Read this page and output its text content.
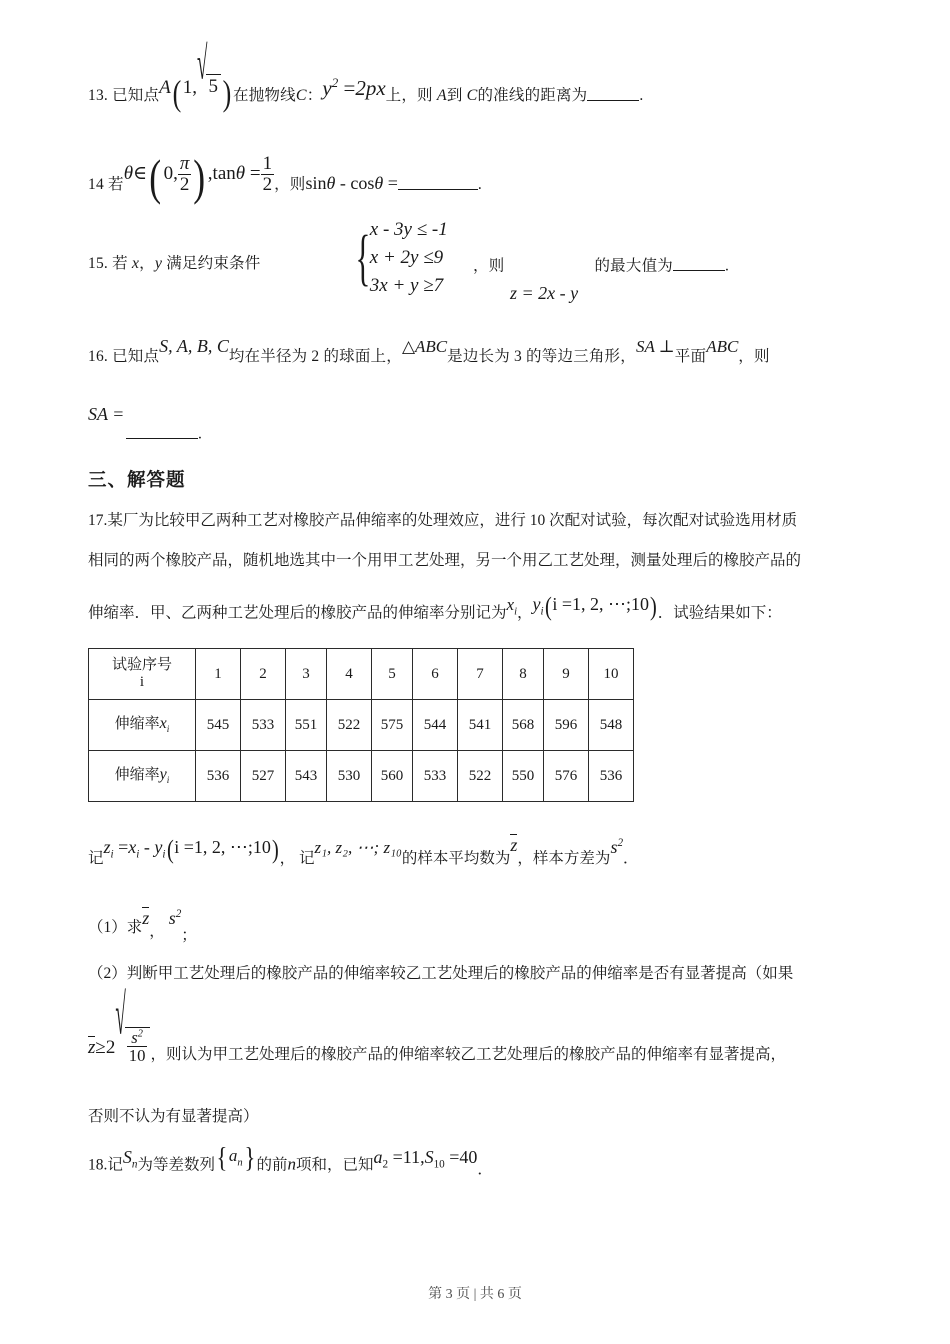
13. 已知点A(1,√5 ) 在抛物线C：$y^2 =2px$上，则 A到 C的准线的距离为	.
14 若θ∈( 0, $\frac{\pi}{2}$ ) $,\tan\theta = \frac{1}{2}$ ，则sinθ - cosθ =	.
15. 若 x，y 满足约束条件 { x - 3y ≤ -1
x + 2y ≤9
3x + y ≥7
，则	的最大值为	.
z = 2x - y
16. 已知点S, A, B, C均在半径为 2 的球面上，△ABC是边长为 3 的等边三角形，SA ⊥平面ABC，则
SA =
.
三、解答题
17.某厂为比较甲乙两种工艺对橡胶产品伸缩率的处理效应，进行 10 次配对试验，每次配对试验选用材质
相同的两个橡胶产品，随机地选其中一个用甲工艺处理，另一个用乙工艺处理，测量处理后的橡胶产品的
伸缩率．甲、乙两种工艺处理后的橡胶产品的伸缩率分别记为$x_i$，$y_i(i =1$, 2, ⋯;10)．试验结果如下：
试验序号
i	1	2	3	4	5	6	7	8	9	10
伸缩率$x_i$	545	533	551	522	575	544	541	568	596	548

伸缩率$y_i$	536	527	543	530	560	533	522	550	576	536
记$z_i =x_i - y_i(i =1$, 2, ⋯;10)， 记z₁, z₂, ⋯; z₁₀的样本平均数为z，样本方差为$s^2$．
（1）求z， $s^2$；
（2）判断甲工艺处理后的橡胶产品的伸缩率较乙工艺处理后的橡胶产品的伸缩率是否有显著提高（如果
$z\ge 2√ \frac{s^2}{10}$ ，则认为甲工艺处理后的橡胶产品的伸缩率较乙工艺处理后的橡胶产品的伸缩率有显著提高，
否则不认为有显著提高）
18.记$S_n$为等差数列$\{a_n\}$的前n项和，已知$a_2 =11,S_{10} =40$．
第 3 页 | 共 6 页
